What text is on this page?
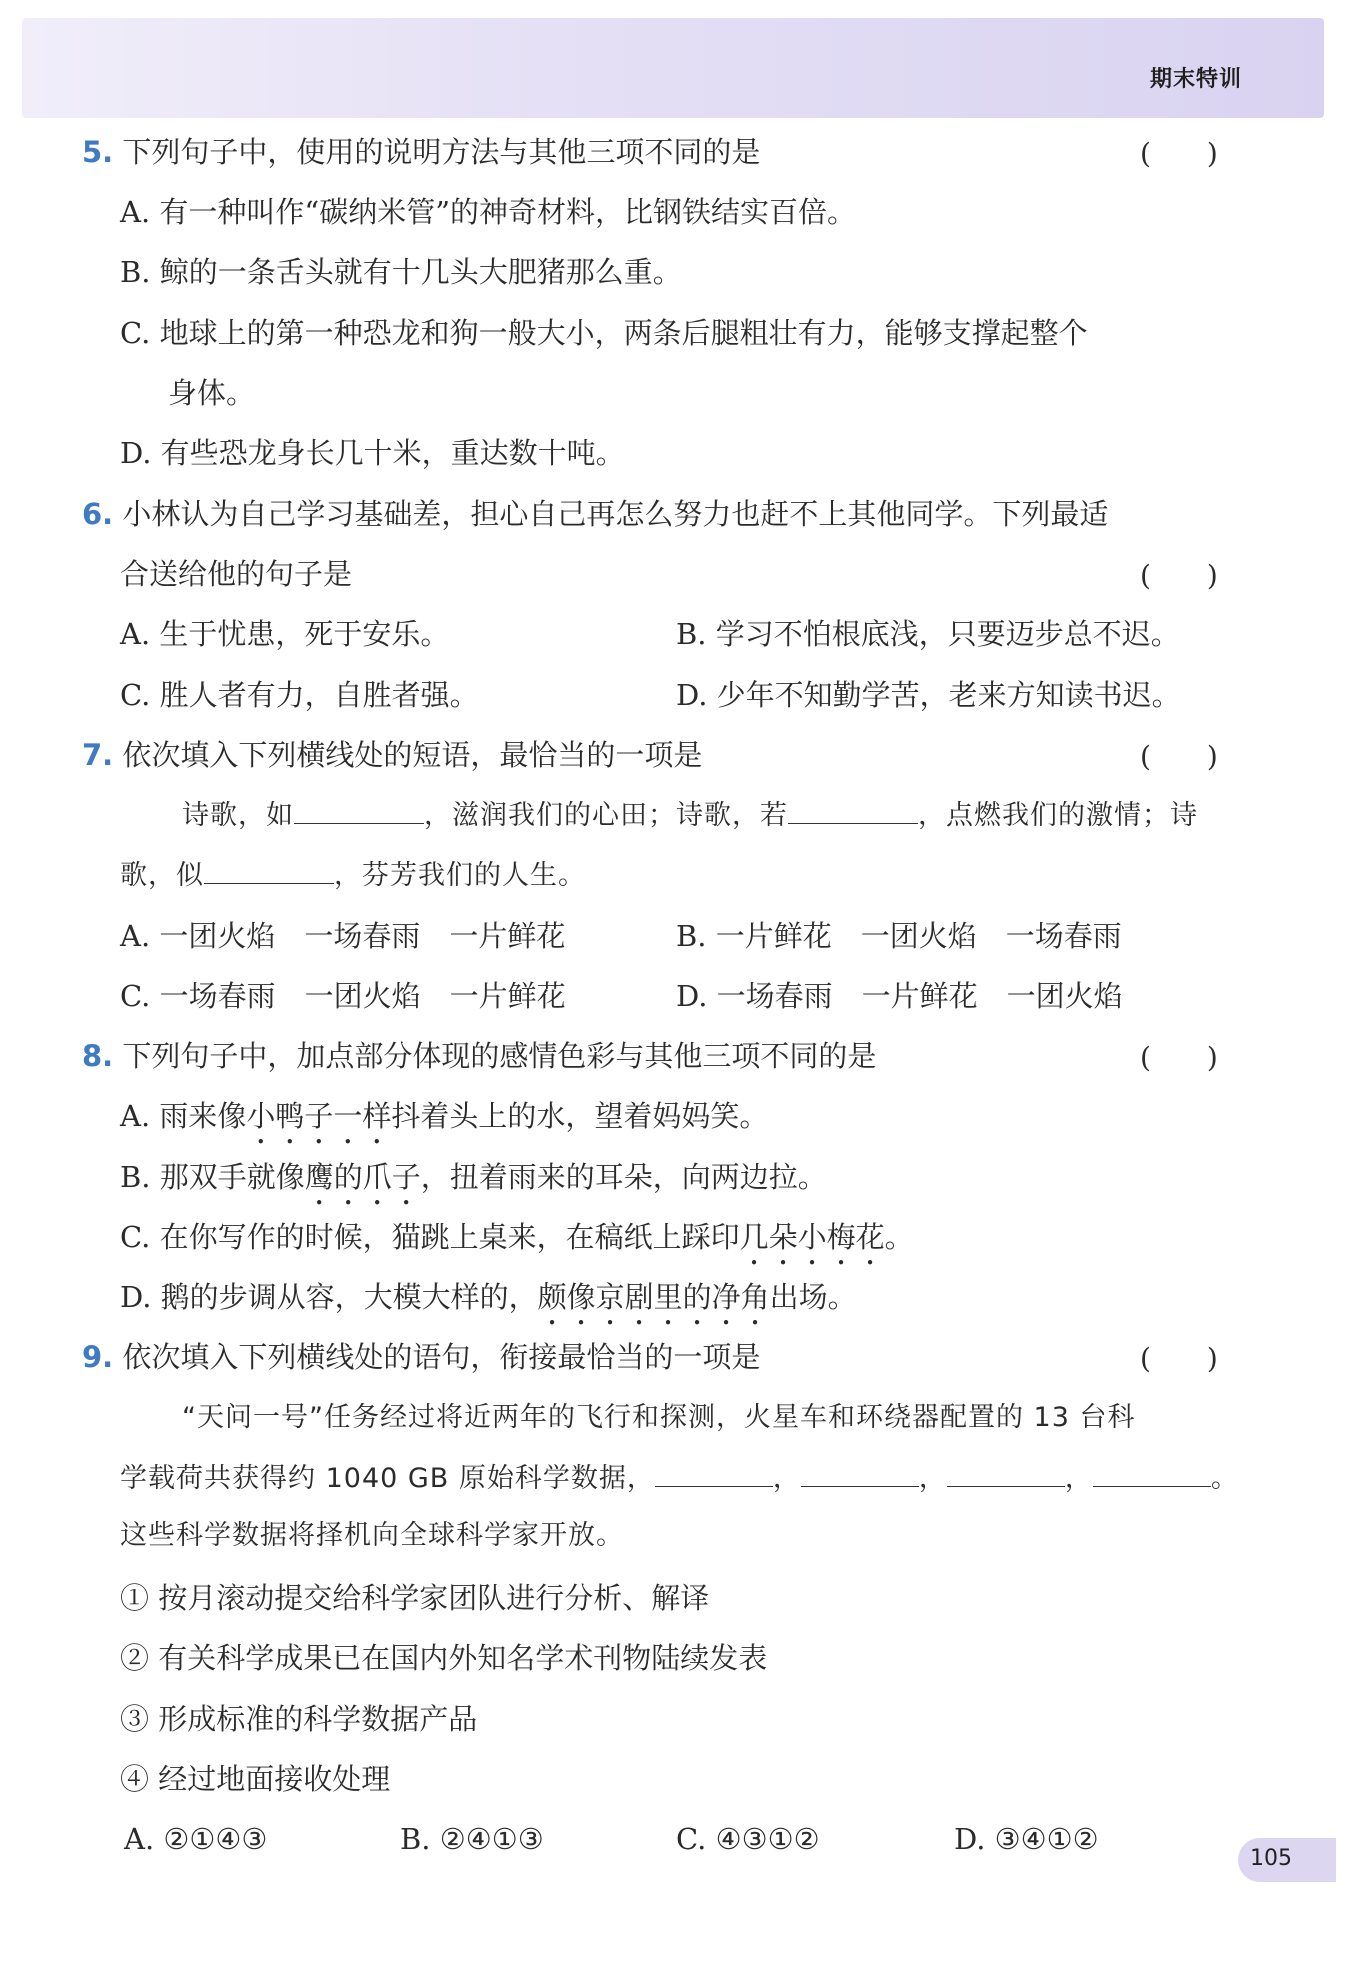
期末特训
5. 下列句子中，使用的说明方法与其他三项不同的是	(　　)
A. 有一种叫作“碳纳米管”的神奇材料，比钢铁结实百倍。
B. 鲸的一条舌头就有十几头大肥猪那么重。
C. 地球上的第一种恐龙和狗一般大小，两条后腿粗壮有力，能够支撑起整个
身体。
D. 有些恐龙身长几十米，重达数十吨。
6. 小林认为自己学习基础差，担心自己再怎么努力也赶不上其他同学。下列最适
合送给他的句子是	(　　)
A. 生于忧患，死于安乐。	B. 学习不怕根底浅，只要迈步总不迟。
C. 胜人者有力，自胜者强。	D. 少年不知勤学苦，老来方知读书迟。
7. 依次填入下列横线处的短语，最恰当的一项是	(　　)
诗歌，如	，滋润我们的心田；诗歌，若	，点燃我们的激情；诗
歌，似	，芬芳我们的人生。
A. 一团火焰　一场春雨　一片鲜花	B. 一片鲜花　一团火焰　一场春雨
C. 一场春雨　一团火焰　一片鲜花	D. 一场春雨　一片鲜花　一团火焰
8. 下列句子中，加点部分体现的感情色彩与其他三项不同的是	(　　)
A. 雨来像小鸭子一样抖着头上的水，望着妈妈笑。
B. 那双手就像鹰的爪子，扭着雨来的耳朵，向两边拉。
C. 在你写作的时候，猫跳上桌来，在稿纸上踩印几朵小梅花。
D. 鹅的步调从容，大模大样的，颇像京剧里的净角出场。
9. 依次填入下列横线处的语句，衔接最恰当的一项是	(　　)
“天问一号”任务经过将近两年的飞行和探测，火星车和环绕器配置的 13 台科
学载荷共获得约 1040 GB 原始科学数据，	，	，	，	。
这些科学数据将择机向全球科学家开放。
① 按月滚动提交给科学家团队进行分析、解译
② 有关科学成果已在国内外知名学术刊物陆续发表
③ 形成标准的科学数据产品
④ 经过地面接收处理
A. ②①④③	B. ②④①③	C. ④③①②	D. ③④①②
105
